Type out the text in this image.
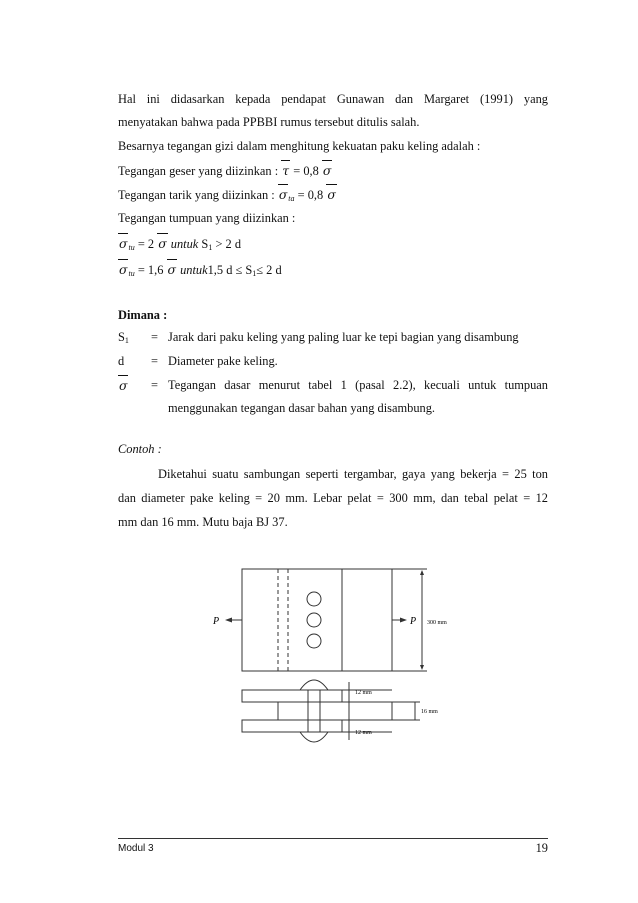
Hal ini didasarkan kepada pendapat Gunawan dan Margaret (1991) yang

menyatakan bahwa pada PPBBI rumus tersebut ditulis salah.

Besarnya tegangan gizi dalam menghitung kekuatan paku keling adalah :

Tegangan geser yang diizinkan : τ = 0,8 σ

Tegangan tarik yang diizinkan : $\sigma_{ta} = 0,8$ σ

Tegangan tumpuan yang diizinkan :

$\sigma_{tu} = 2$ σ untuk $S_1 > 2$ d

$\sigma_{tu} = 1,6$ σ untuk1,5 $d \le S_1\le 2$ d

Dimana :

$S_1$ = Jarak dari paku keling yang paling luar ke tepi bagian yang disambung
d = Diameter pake keling.
σ = Tegangan dasar menurut tabel 1 (pasal 2.2), kecuali untuk tumpuan
menggunakan tegangan dasar bahan yang disambung.

Contoh :

Diketahui suatu sambungan seperti tergambar, gaya yang bekerja = 25 ton

dan diameter pake keling = 20 mm. Lebar pelat = 300 mm, dan tebal pelat = 12

mm dan 16 mm. Mutu baja BJ 37.

P	P 300 mm
12 mm
16 mm
12 mm
Modul 3	19
